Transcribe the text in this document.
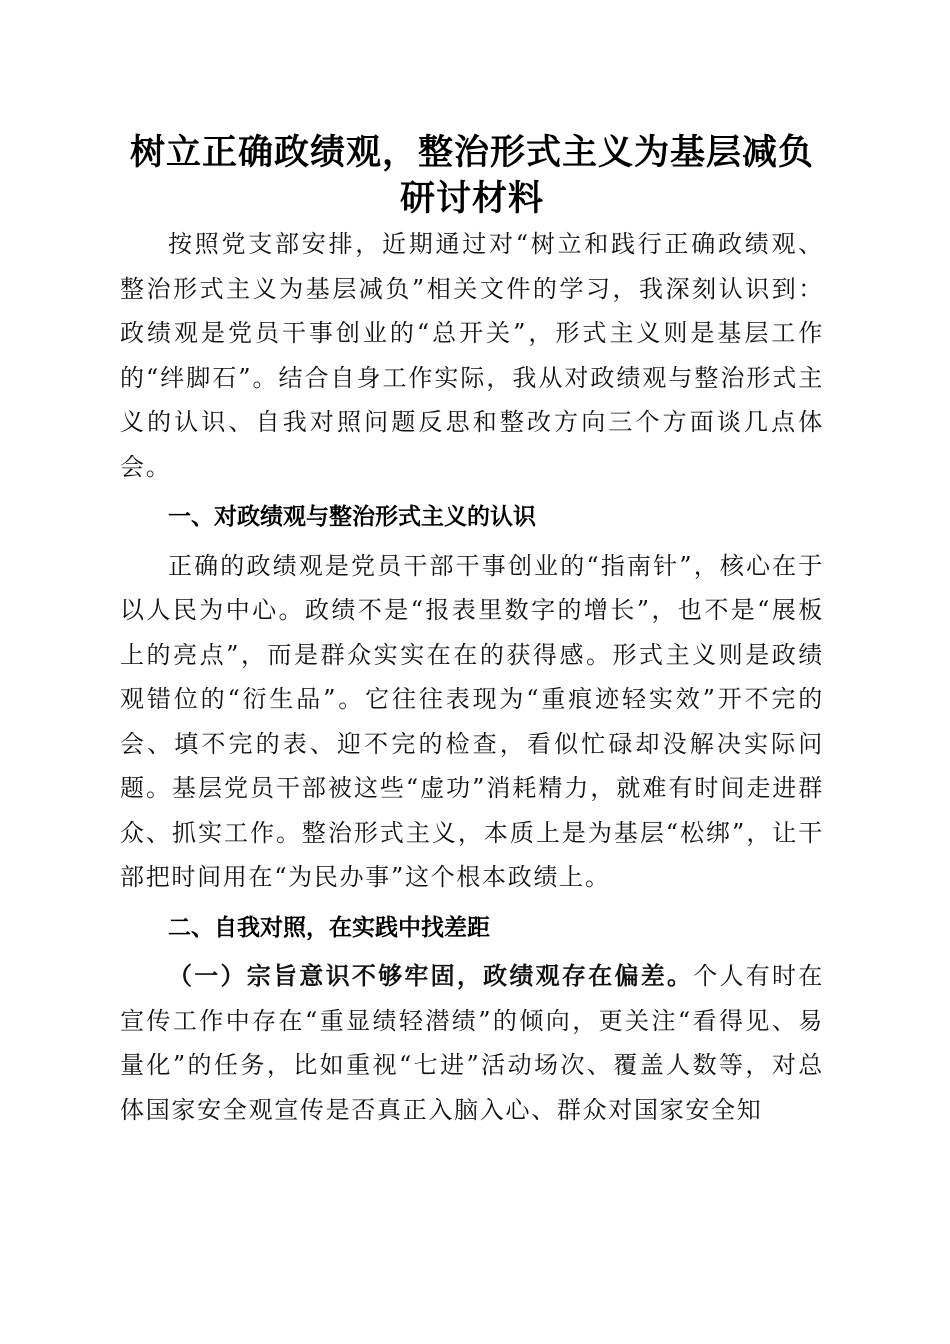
树立正确政绩观，整治形式主义为基层减负研讨材料

按照党支部安排，近期通过对“树立和践行正确政绩观、整治形式主义为基层减负”相关文件的学习，我深刻认识到：政绩观是党员干事创业的“总开关”，形式主义则是基层工作的“绊脚石”。结合自身工作实际，我从对政绩观与整治形式主义的认识、自我对照问题反思和整改方向三个方面谈几点体会。

一、对政绩观与整治形式主义的认识

正确的政绩观是党员干部干事创业的“指南针”，核心在于以人民为中心。政绩不是“报表里数字的增长”，也不是“展板上的亮点”，而是群众实实在在的获得感。形式主义则是政绩观错位的“衍生品”。它往往表现为“重痕迹轻实效”开不完的会、填不完的表、迎不完的检查，看似忙碌却没解决实际问题。基层党员干部被这些“虚功”消耗精力，就难有时间走进群众、抓实工作。整治形式主义，本质上是为基层“松绑”，让干部把时间用在“为民办事”这个根本政绩上。

二、自我对照，在实践中找差距

（一）宗旨意识不够牢固，政绩观存在偏差。个人有时在宣传工作中存在“重显绩轻潜绩”的倾向，更关注“看得见、易量化”的任务，比如重视“七进”活动场次、覆盖人数等，对总体国家安全观宣传是否真正入脑入心、群众对国家安全知
